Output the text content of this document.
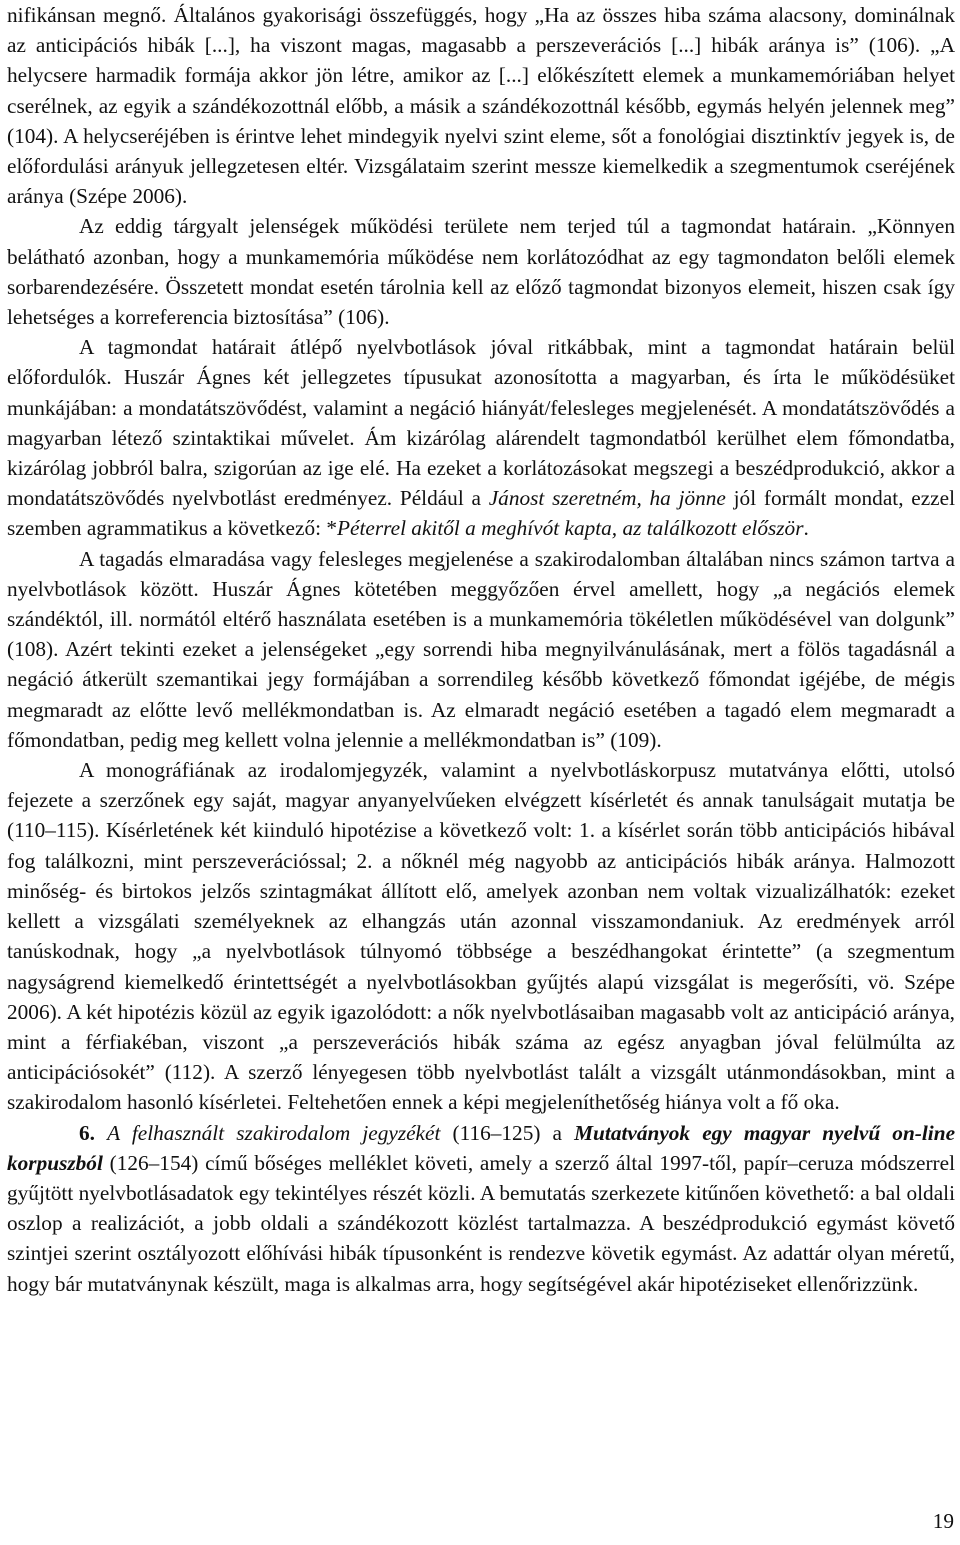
nifikánsan megnő. Általános gyakorisági összefüggés, hogy „Ha az összes hiba száma alacsony, dominálnak az anticipációs hibák [...], ha viszont magas, magasabb a perszeverációs [...] hibák aránya is” (106). „A helycsere harmadik formája akkor jön létre, amikor az [...] előkészített elemek a munkamemóriában helyet cserélnek, az egyik a szándékozottnál előbb, a másik a szándékozottnál később, egymás helyén jelennek meg” (104). A helycseréjében is érintve lehet mindegyik nyelvi szint eleme, sőt a fonológiai disztinktív jegyek is, de előfordulási arányuk jellegzetesen eltér. Vizsgálataim szerint messze kiemelkedik a szegmentumok cseréjének aránya (Szépe 2006).

Az eddig tárgyalt jelenségek működési területe nem terjed túl a tagmondat határain. „Könnyen belátható azonban, hogy a munkamemória működése nem korlátozódhat az egy tagmondaton belőli elemek sorbarendezésére. Összetett mondat esetén tárolnia kell az előző tagmondat bizonyos elemeit, hiszen csak így lehetséges a korreferencia biztosítása” (106).

A tagmondat határait átlépő nyelvbotlások jóval ritkábbak, mint a tagmondat határain belül előfordulók. Huszár Ágnes két jellegzetes típusukat azonosította a magyarban, és írta le működésüket munkájában: a mondatátszövődést, valamint a negáció hiányát/felesleges megjelenését. A mondatátszövődés a magyarban létező szintaktikai művelet. Ám kizárólag alárendelt tagmondatból kerülhet elem főmondatba, kizárólag jobbról balra, szigorúan az ige elé. Ha ezeket a korlátozásokat megszegi a beszédprodukció, akkor a mondatátszövődés nyelvbotlást eredményez. Például a Jánost szeretném, ha jönne jól formált mondat, ezzel szemben agrammatikus a következő: *Péterrel akitől a meghívót kapta, az találkozott először.

A tagadás elmaradása vagy felesleges megjelenése a szakirodalomban általában nincs számon tartva a nyelvbotlások között. Huszár Ágnes kötetében meggyőzően érvel amellett, hogy „a negációs elemek szándéktól, ill. normától eltérő használata esetében is a munkamemória tökéletlen működésével van dolgunk” (108). Azért tekinti ezeket a jelenségeket „egy sorrendi hiba megnyilvánulásának, mert a fölös tagadásnál a negáció átkerült szemantikai jegy formájában a sorrendileg később következő főmondat igéjébe, de mégis megmaradt az előtte levő mellékmondatban is. Az elmaradt negáció esetében a tagadó elem megmaradt a főmondatban, pedig meg kellett volna jelennie a mellékmondatban is” (109).

A monográfiának az irodalomjegyzék, valamint a nyelvbotláskorpusz mutatványa előtti, utolsó fejezete a szerzőnek egy saját, magyar anyanyelvűeken elvégzett kísérletét és annak tanulságait mutatja be (110–115). Kísérletének két kiinduló hipotézise a következő volt: 1. a kísérlet során több anticipációs hibával fog találkozni, mint perszeverációssal; 2. a nőknél még nagyobb az anticipációs hibák aránya. Halmozott minőség- és birtokos jelzős szintagmákat állított elő, amelyek azonban nem voltak vizualizálhatók: ezeket kellett a vizsgálati személyeknek az elhangzás után azonnal visszamondaniuk. Az eredmények arról tanúskodnak, hogy „a nyelvbotlások túlnyomó többsége a beszédhangokat érintette” (a szegmentum nagyságrend kiemelkedő érintettségét a nyelvbotlásokban gyűjtés alapú vizsgálat is megerősíti, vö. Szépe 2006). A két hipotézis közül az egyik igazolódott: a nők nyelvbotlásaiban magasabb volt az anticipáció aránya, mint a férfiakéban, viszont „a perszeverációs hibák száma az egész anyagban jóval felülmúlta az anticipációsokét” (112). A szerző lényegesen több nyelvbotlást talált a vizsgált utánmondásokban, mint a szakirodalom hasonló kísérletei. Feltehetően ennek a képi megjeleníthetőség hiánya volt a fő oka.

6. A felhasznált szakirodalom jegyzékét (116–125) a Mutatványok egy magyar nyelvű on-line korpuszból (126–154) című bőséges melléklet követi, amely a szerző által 1997-től, papír–ceruza módszerrel gyűjtött nyelvbotlásadatok egy tekintélyes részét közli. A bemutatás szerkezete kitűnően követhető: a bal oldali oszlop a realizációt, a jobb oldali a szándékozott közlést tartalmazza. A beszédprodukció egymást követő szintjei szerint osztályozott előhívási hibák típusonként is rendezve követik egymást. Az adattár olyan méretű, hogy bár mutatványnak készült, maga is alkalmas arra, hogy segítségével akár hipotéziseket ellenőrizzünk.

19
